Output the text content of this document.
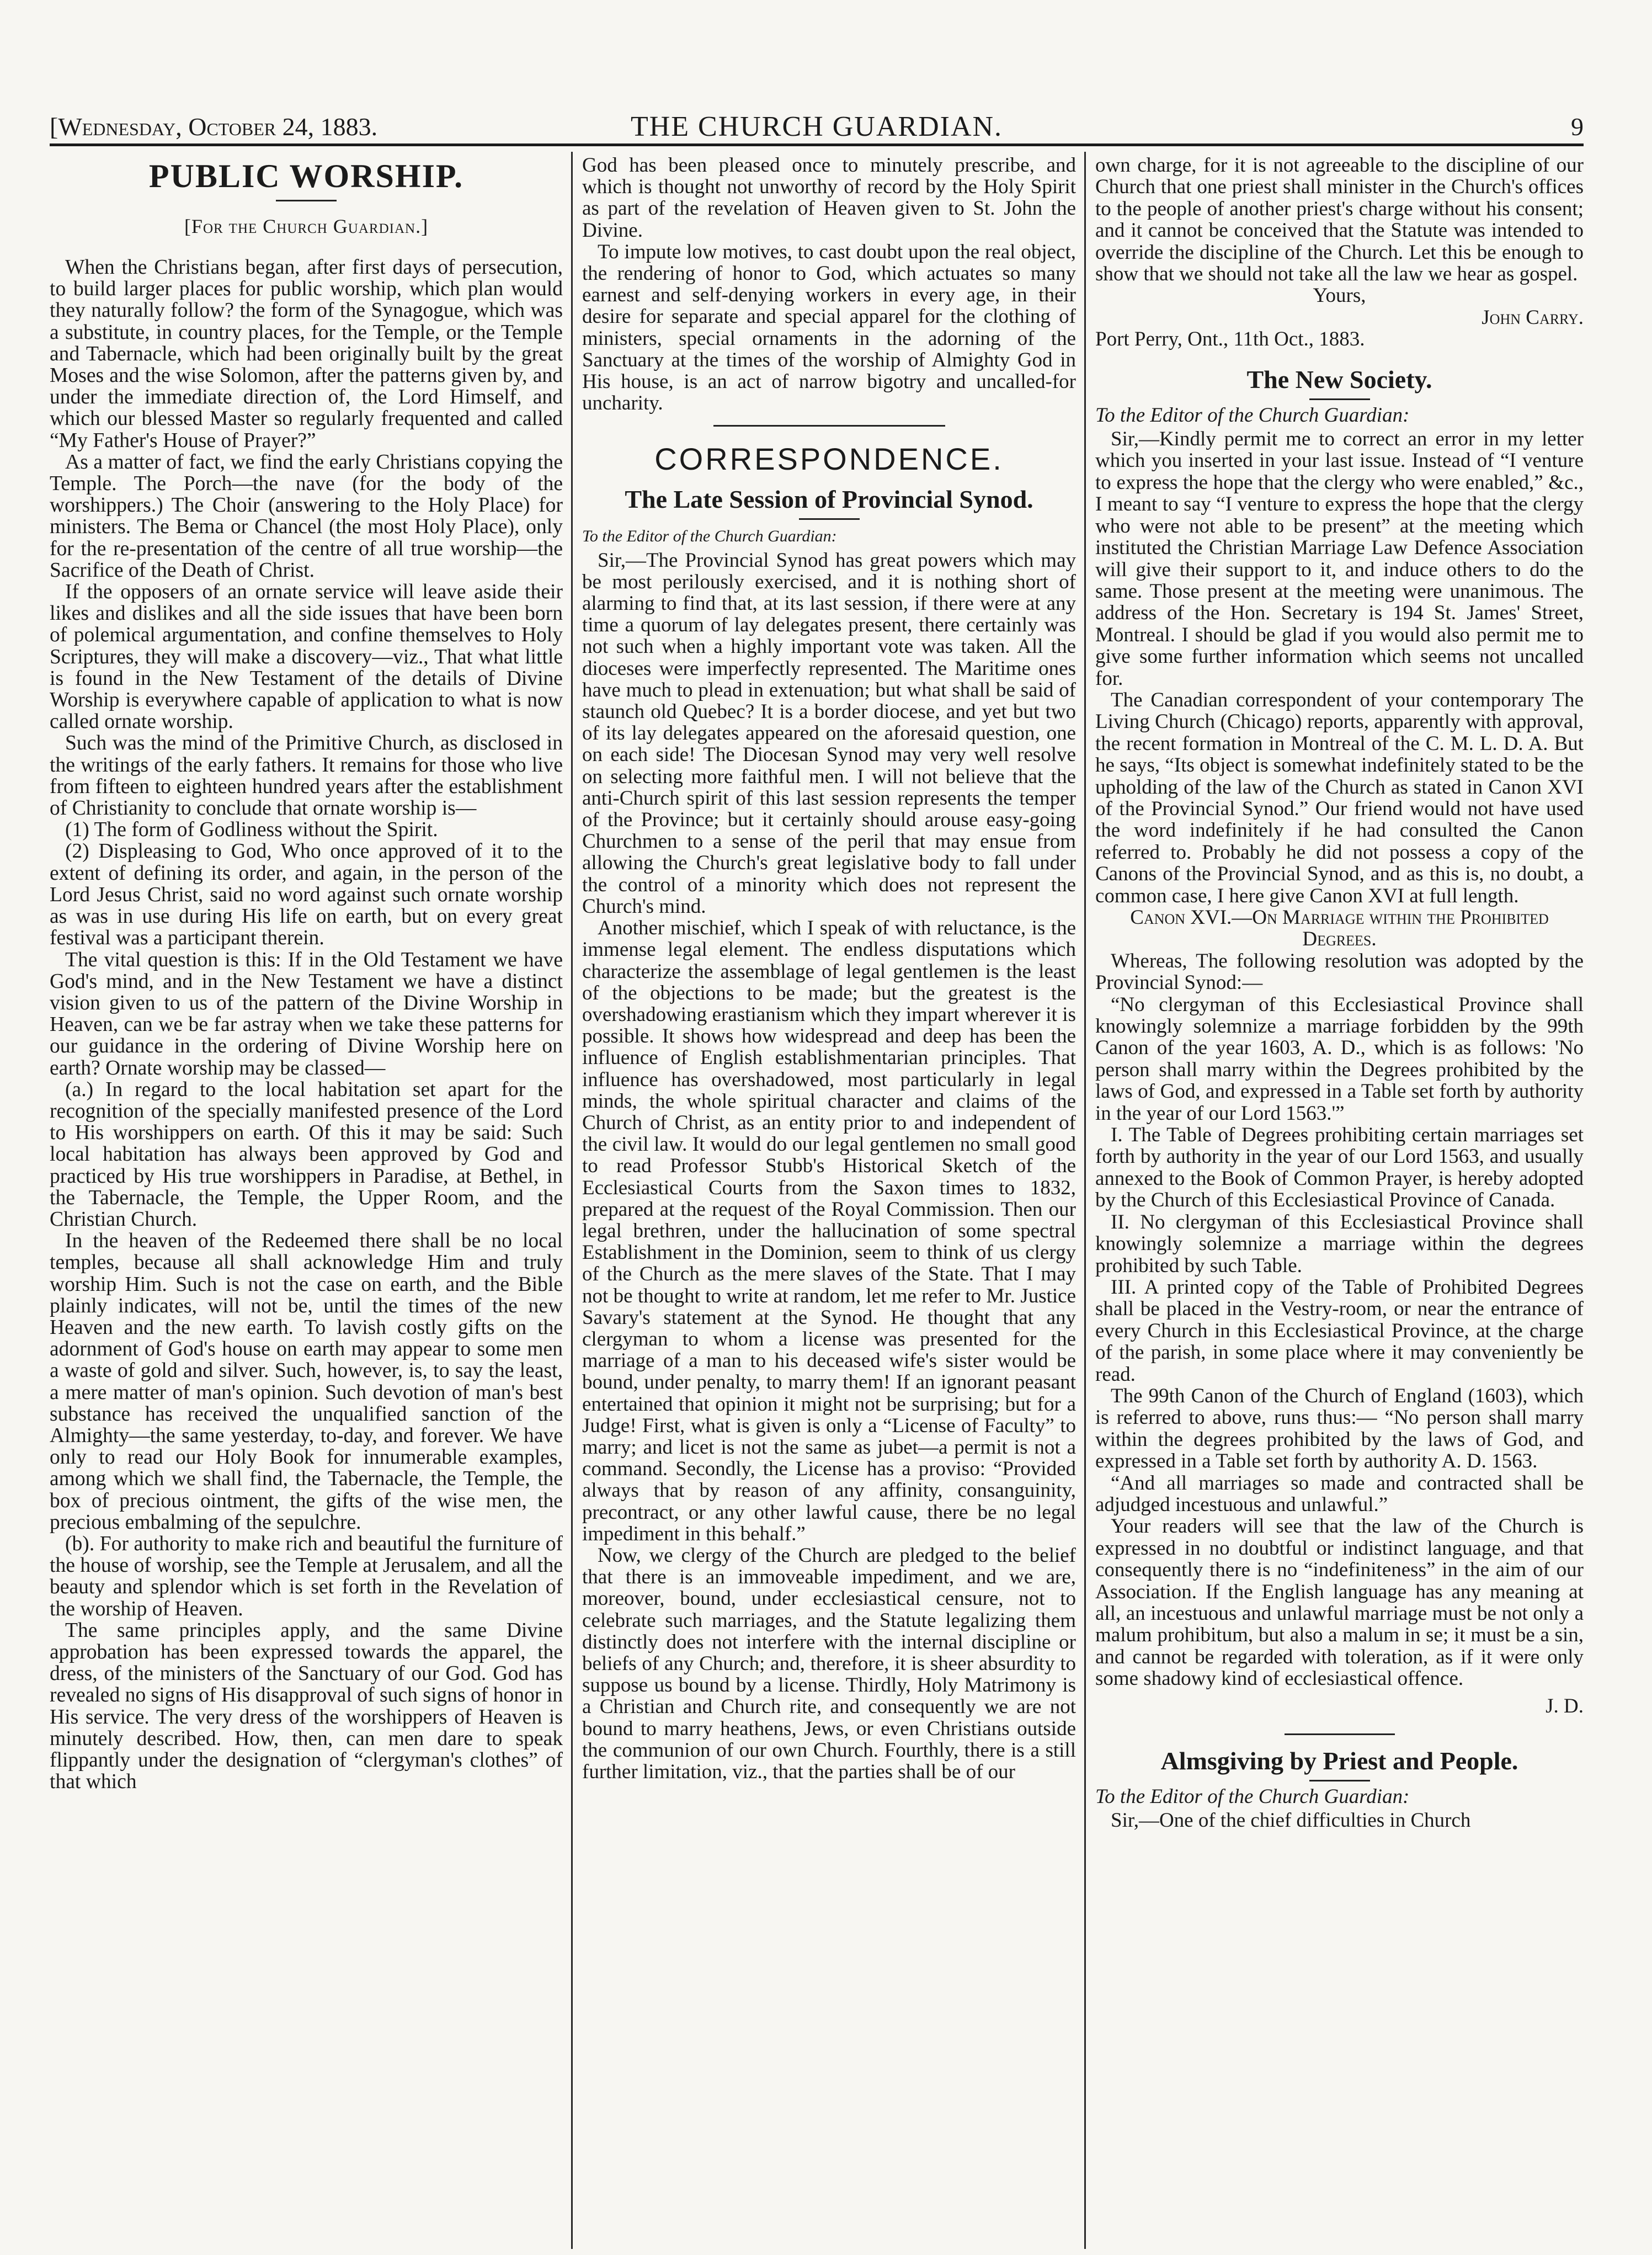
[Wednesday, October 24, 1883.	THE CHURCH GUARDIAN.	9
PUBLIC WORSHIP.
[For the Church Guardian.]

When the Christians began, after first days of persecution, to build larger places for public worship, which plan would they naturally follow? the form of the Synagogue, which was a substitute, in country places, for the Temple, or the Temple and Tabernacle, which had been originally built by the great Moses and the wise Solomon, after the patterns given by, and under the immediate direction of, the Lord Himself, and which our blessed Master so regularly frequented and called “My Father's House of Prayer?”

As a matter of fact, we find the early Christians copying the Temple. The Porch—the nave (for the body of the worshippers.) The Choir (answering to the Holy Place) for ministers. The Bema or Chancel (the most Holy Place), only for the re-presentation of the centre of all true worship—the Sacrifice of the Death of Christ.

If the opposers of an ornate service will leave aside their likes and dislikes and all the side issues that have been born of polemical argumentation, and confine themselves to Holy Scriptures, they will make a discovery—viz., That what little is found in the New Testament of the details of Divine Worship is everywhere capable of application to what is now called ornate worship.

Such was the mind of the Primitive Church, as disclosed in the writings of the early fathers. It remains for those who live from fifteen to eighteen hundred years after the establishment of Christianity to conclude that ornate worship is—

(1) The form of Godliness without the Spirit.

(2) Displeasing to God, Who once approved of it to the extent of defining its order, and again, in the person of the Lord Jesus Christ, said no word against such ornate worship as was in use during His life on earth, but on every great festival was a participant therein.

The vital question is this: If in the Old Testament we have God's mind, and in the New Testament we have a distinct vision given to us of the pattern of the Divine Worship in Heaven, can we be far astray when we take these patterns for our guidance in the ordering of Divine Worship here on earth? Ornate worship may be classed—

(a.) In regard to the local habitation set apart for the recognition of the specially manifested presence of the Lord to His worshippers on earth. Of this it may be said: Such local habitation has always been approved by God and practiced by His true worshippers in Paradise, at Bethel, in the Tabernacle, the Temple, the Upper Room, and the Christian Church.

In the heaven of the Redeemed there shall be no local temples, because all shall acknowledge Him and truly worship Him. Such is not the case on earth, and the Bible plainly indicates, will not be, until the times of the new Heaven and the new earth. To lavish costly gifts on the adornment of God's house on earth may appear to some men a waste of gold and silver. Such, however, is, to say the least, a mere matter of man's opinion. Such devotion of man's best substance has received the unqualified sanction of the Almighty—the same yesterday, to-day, and forever. We have only to read our Holy Book for innumerable examples, among which we shall find, the Tabernacle, the Temple, the box of precious ointment, the gifts of the wise men, the precious embalming of the sepulchre.

(b). For authority to make rich and beautiful the furniture of the house of worship, see the Temple at Jerusalem, and all the beauty and splendor which is set forth in the Revelation of the worship of Heaven.

The same principles apply, and the same Divine approbation has been expressed towards the apparel, the dress, of the ministers of the Sanctuary of our God. God has revealed no signs of His disapproval of such signs of honor in His service. The very dress of the worshippers of Heaven is minutely described. How, then, can men dare to speak flippantly under the designation of “clergyman's clothes” of that which

God has been pleased once to minutely prescribe, and which is thought not unworthy of record by the Holy Spirit as part of the revelation of Heaven given to St. John the Divine.

To impute low motives, to cast doubt upon the real object, the rendering of honor to God, which actuates so many earnest and self-denying workers in every age, in their desire for separate and special apparel for the clothing of ministers, special ornaments in the adorning of the Sanctuary at the times of the worship of Almighty God in His house, is an act of narrow bigotry and uncalled-for uncharity.

CORRESPONDENCE.
The Late Session of Provincial Synod.

To the Editor of the Church Guardian:

Sir,—The Provincial Synod has great powers which may be most perilously exercised, and it is nothing short of alarming to find that, at its last session, if there were at any time a quorum of lay delegates present, there certainly was not such when a highly important vote was taken. All the dioceses were imperfectly represented. The Maritime ones have much to plead in extenuation; but what shall be said of staunch old Quebec? It is a border diocese, and yet but two of its lay delegates appeared on the aforesaid question, one on each side! The Diocesan Synod may very well resolve on selecting more faithful men. I will not believe that the anti-Church spirit of this last session represents the temper of the Province; but it certainly should arouse easy-going Churchmen to a sense of the peril that may ensue from allowing the Church's great legislative body to fall under the control of a minority which does not represent the Church's mind.

Another mischief, which I speak of with reluctance, is the immense legal element. The endless disputations which characterize the assemblage of legal gentlemen is the least of the objections to be made; but the greatest is the overshadowing erastianism which they impart wherever it is possible. It shows how widespread and deep has been the influence of English establishmentarian principles. That influence has overshadowed, most particularly in legal minds, the whole spiritual character and claims of the Church of Christ, as an entity prior to and independent of the civil law. It would do our legal gentlemen no small good to read Professor Stubb's Historical Sketch of the Ecclesiastical Courts from the Saxon times to 1832, prepared at the request of the Royal Commission. Then our legal brethren, under the hallucination of some spectral Establishment in the Dominion, seem to think of us clergy of the Church as the mere slaves of the State. That I may not be thought to write at random, let me refer to Mr. Justice Savary's statement at the Synod. He thought that any clergyman to whom a license was presented for the marriage of a man to his deceased wife's sister would be bound, under penalty, to marry them! If an ignorant peasant entertained that opinion it might not be surprising; but for a Judge! First, what is given is only a “License of Faculty” to marry; and licet is not the same as jubet—a permit is not a command. Secondly, the License has a proviso: “Provided always that by reason of any affinity, consanguinity, precontract, or any other lawful cause, there be no legal impediment in this behalf.”

Now, we clergy of the Church are pledged to the belief that there is an immoveable impediment, and we are, moreover, bound, under ecclesiastical censure, not to celebrate such marriages, and the Statute legalizing them distinctly does not interfere with the internal discipline or beliefs of any Church; and, therefore, it is sheer absurdity to suppose us bound by a license. Thirdly, Holy Matrimony is a Christian and Church rite, and consequently we are not bound to marry heathens, Jews, or even Christians outside the communion of our own Church. Fourthly, there is a still further limitation, viz., that the parties shall be of our

own charge, for it is not agreeable to the discipline of our Church that one priest shall minister in the Church's offices to the people of another priest's charge without his consent; and it cannot be conceived that the Statute was intended to override the discipline of the Church. Let this be enough to show that we should not take all the law we hear as gospel.

Yours,

John Carry.

Port Perry, Ont., 11th Oct., 1883.

The New Society.

To the Editor of the Church Guardian:

Sir,—Kindly permit me to correct an error in my letter which you inserted in your last issue. Instead of “I venture to express the hope that the clergy who were enabled,” &c., I meant to say “I venture to express the hope that the clergy who were not able to be present” at the meeting which instituted the Christian Marriage Law Defence Association will give their support to it, and induce others to do the same. Those present at the meeting were unanimous. The address of the Hon. Secretary is 194 St. James' Street, Montreal. I should be glad if you would also permit me to give some further information which seems not uncalled for.

The Canadian correspondent of your contemporary The Living Church (Chicago) reports, apparently with approval, the recent formation in Montreal of the C. M. L. D. A. But he says, “Its object is somewhat indefinitely stated to be the upholding of the law of the Church as stated in Canon XVI of the Provincial Synod.” Our friend would not have used the word indefinitely if he had consulted the Canon referred to. Probably he did not possess a copy of the Canons of the Provincial Synod, and as this is, no doubt, a common case, I here give Canon XVI at full length.

Canon XVI.—On Marriage within the Prohibited Degrees.

Whereas, The following resolution was adopted by the Provincial Synod:—

“No clergyman of this Ecclesiastical Province shall knowingly solemnize a marriage forbidden by the 99th Canon of the year 1603, A. D., which is as follows: 'No person shall marry within the Degrees prohibited by the laws of God, and expressed in a Table set forth by authority in the year of our Lord 1563.'”

I. The Table of Degrees prohibiting certain marriages set forth by authority in the year of our Lord 1563, and usually annexed to the Book of Common Prayer, is hereby adopted by the Church of this Ecclesiastical Province of Canada.

II. No clergyman of this Ecclesiastical Province shall knowingly solemnize a marriage within the degrees prohibited by such Table.

III. A printed copy of the Table of Prohibited Degrees shall be placed in the Vestry-room, or near the entrance of every Church in this Ecclesiastical Province, at the charge of the parish, in some place where it may conveniently be read.

The 99th Canon of the Church of England (1603), which is referred to above, runs thus:— “No person shall marry within the degrees prohibited by the laws of God, and expressed in a Table set forth by authority A. D. 1563.

“And all marriages so made and contracted shall be adjudged incestuous and unlawful.”

Your readers will see that the law of the Church is expressed in no doubtful or indistinct language, and that consequently there is no “indefiniteness” in the aim of our Association. If the English language has any meaning at all, an incestuous and unlawful marriage must be not only a malum prohibitum, but also a malum in se; it must be a sin, and cannot be regarded with toleration, as if it were only some shadowy kind of ecclesiastical offence.

J. D.

Almsgiving by Priest and People.

To the Editor of the Church Guardian:

Sir,—One of the chief difficulties in Church
